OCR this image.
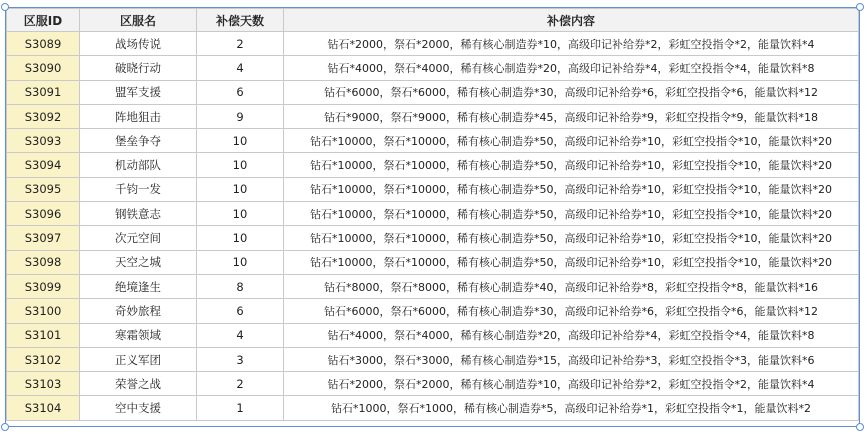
区服ID	区服名	补偿天数	补偿内容
S3089	战场传说	2	钻石*2000，祭石*2000，稀有核心制造券*10，高级印记补给券*2，彩虹空投指令*2，能量饮料*4
S3090	破晓行动	4	钻石*4000，祭石*4000，稀有核心制造券*20，高级印记补给券*4，彩虹空投指令*4，能量饮料*8
S3091	盟军支援	6	钻石*6000，祭石*6000，稀有核心制造券*30，高级印记补给券*6，彩虹空投指令*6，能量饮料*12
S3092	阵地狙击	9	钻石*9000，祭石*9000，稀有核心制造券*45，高级印记补给券*9，彩虹空投指令*9，能量饮料*18
S3093	堡垒争夺	10	钻石*10000，祭石*10000，稀有核心制造券*50，高级印记补给券*10，彩虹空投指令*10，能量饮料*20
S3094	机动部队	10	钻石*10000，祭石*10000，稀有核心制造券*50，高级印记补给券*10，彩虹空投指令*10，能量饮料*20
S3095	千钧一发	10	钻石*10000，祭石*10000，稀有核心制造券*50，高级印记补给券*10，彩虹空投指令*10，能量饮料*20
S3096	钢铁意志	10	钻石*10000，祭石*10000，稀有核心制造券*50，高级印记补给券*10，彩虹空投指令*10，能量饮料*20
S3097	次元空间	10	钻石*10000，祭石*10000，稀有核心制造券*50，高级印记补给券*10，彩虹空投指令*10，能量饮料*20
S3098	天空之城	10	钻石*10000，祭石*10000，稀有核心制造券*50，高级印记补给券*10，彩虹空投指令*10，能量饮料*20
S3099	绝境逢生	8	钻石*8000，祭石*8000，稀有核心制造券*40，高级印记补给券*8，彩虹空投指令*8，能量饮料*16
S3100	奇妙旅程	6	钻石*6000，祭石*6000，稀有核心制造券*30，高级印记补给券*6，彩虹空投指令*6，能量饮料*12
S3101	寒霜领域	4	钻石*4000，祭石*4000，稀有核心制造券*20，高级印记补给券*4，彩虹空投指令*4，能量饮料*8
S3102	正义军团	3	钻石*3000，祭石*3000，稀有核心制造券*15，高级印记补给券*3，彩虹空投指令*3，能量饮料*6
S3103	荣誉之战	2	钻石*2000，祭石*2000，稀有核心制造券*10，高级印记补给券*2，彩虹空投指令*2，能量饮料*4
S3104	空中支援	1	钻石*1000，祭石*1000，稀有核心制造券*5，高级印记补给券*1，彩虹空投指令*1，能量饮料*2
